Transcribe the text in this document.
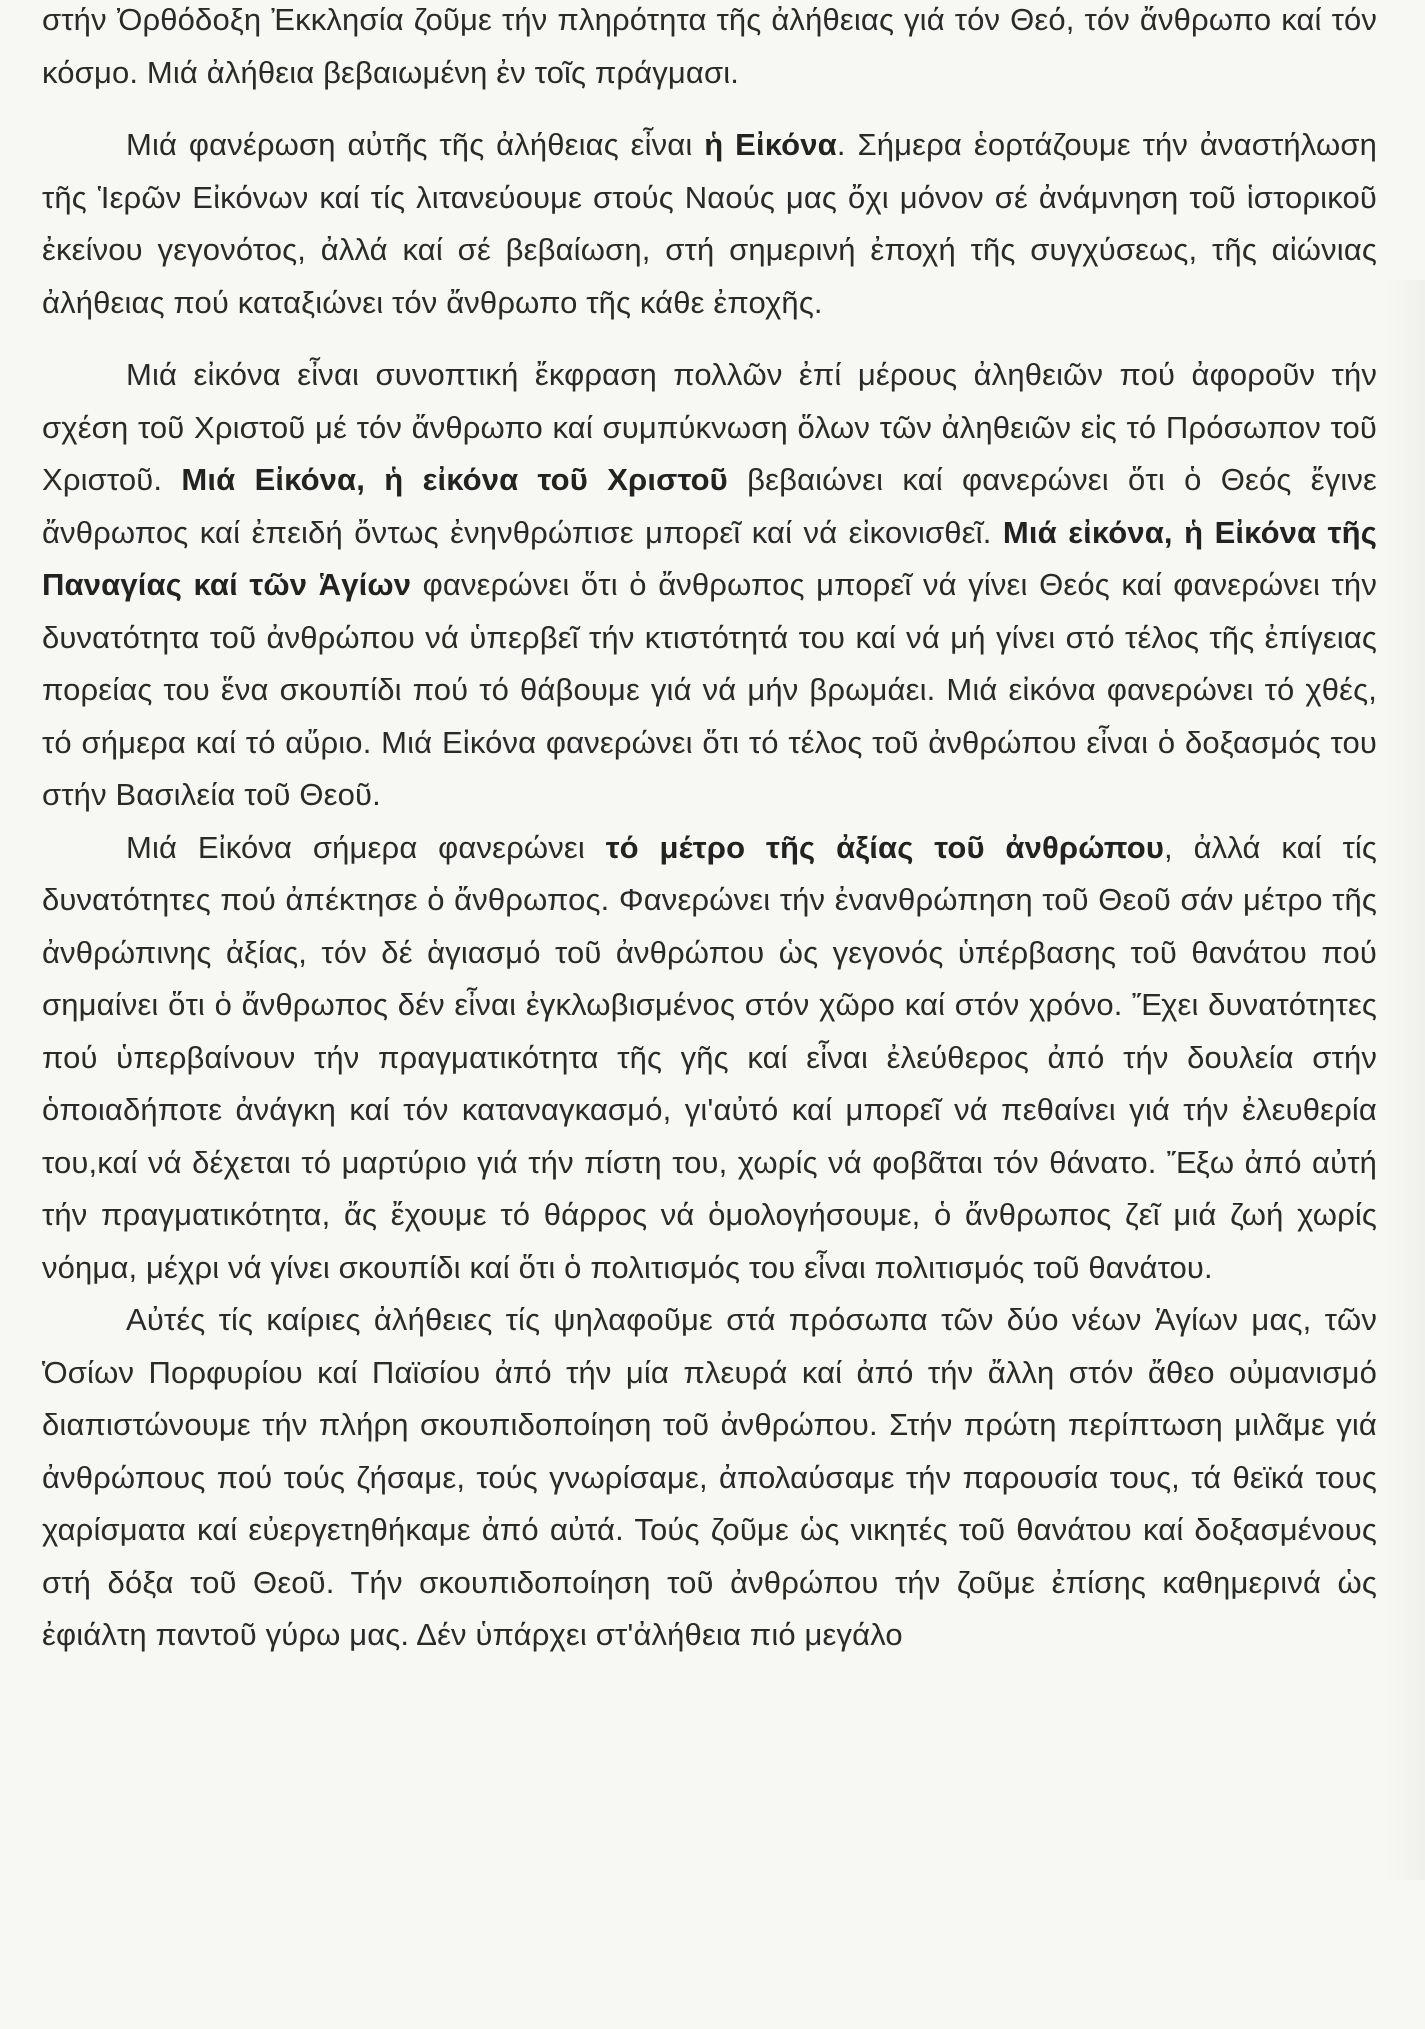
στήν Ὀρθόδοξη Ἐκκλησία ζοῦμε τήν πληρότητα τῆς ἀλήθειας γιά τόν Θεό, τόν ἄνθρωπο καί τόν κόσμο. Μιά ἀλήθεια βεβαιωμένη ἐν τοῖς πράγμασι.

Μιά φανέρωση αὐτῆς τῆς ἀλήθειας εἶναι ἡ Εἰκόνα. Σήμερα ἑορτάζουμε τήν ἀναστήλωση τῆς Ἱερῶν Εἰκόνων καί τίς λιτανεύουμε στούς Ναούς μας ὄχι μόνον σέ ἀνάμνηση τοῦ ἱστορικοῦ ἐκείνου γεγονότος, ἀλλά καί σέ βεβαίωση, στή σημερινή ἐποχή τῆς συγχύσεως, τῆς αἰώνιας ἀλήθειας πού καταξιώνει τόν ἄνθρωπο τῆς κάθε ἐποχῆς.

Μιά εἰκόνα εἶναι συνοπτική ἔκφραση πολλῶν ἐπί μέρους ἀληθειῶν πού ἀφοροῦν τήν σχέση τοῦ Χριστοῦ μέ τόν ἄνθρωπο καί συμπύκνωση ὅλων τῶν ἀληθειῶν εἰς τό Πρόσωπον τοῦ Χριστοῦ. Μιά Εἰκόνα, ἡ εἰκόνα τοῦ Χριστοῦ βεβαιώνει καί φανερώνει ὅτι ὁ Θεός ἔγινε ἄνθρωπος καί ἐπειδή ὄντως ἐνηνθρώπισε μπορεῖ καί νά εἰκονισθεῖ. Μιά εἰκόνα, ἡ Εἰκόνα τῆς Παναγίας καί τῶν Ἁγίων φανερώνει ὅτι ὁ ἄνθρωπος μπορεῖ νά γίνει Θεός καί φανερώνει τήν δυνατότητα τοῦ ἀνθρώπου νά ὑπερβεῖ τήν κτιστότητά του καί νά μή γίνει στό τέλος τῆς ἐπίγειας πορείας του ἕνα σκουπίδι πού τό θάβουμε γιά νά μήν βρωμάει. Μιά εἰκόνα φανερώνει τό χθές, τό σήμερα καί τό αὔριο. Μιά Εἰκόνα φανερώνει ὅτι τό τέλος τοῦ ἀνθρώπου εἶναι ὁ δοξασμός του στήν Βασιλεία τοῦ Θεοῦ.

Μιά Εἰκόνα σήμερα φανερώνει τό μέτρο τῆς ἀξίας τοῦ ἀνθρώπου, ἀλλά καί τίς δυνατότητες πού ἀπέκτησε ὁ ἄνθρωπος. Φανερώνει τήν ἐνανθρώπηση τοῦ Θεοῦ σάν μέτρο τῆς ἀνθρώπινης ἀξίας, τόν δέ ἁγιασμό τοῦ ἀνθρώπου ὡς γεγονός ὑπέρβασης τοῦ θανάτου πού σημαίνει ὅτι ὁ ἄνθρωπος δέν εἶναι ἐγκλωβισμένος στόν χῶρο καί στόν χρόνο. Ἔχει δυνατότητες πού ὑπερβαίνουν τήν πραγματικότητα τῆς γῆς καί εἶναι ἐλεύθερος ἀπό τήν δουλεία στήν ὁποιαδήποτε ἀνάγκη καί τόν καταναγκασμό, γι'αὐτό καί μπορεῖ νά πεθαίνει γιά τήν ἐλευθερία του,καί νά δέχεται τό μαρτύριο γιά τήν πίστη του, χωρίς νά φοβᾶται τόν θάνατο. Ἔξω ἀπό αὐτή τήν πραγματικότητα, ἄς ἔχουμε τό θάρρος νά ὁμολογήσουμε, ὁ ἄνθρωπος ζεῖ μιά ζωή χωρίς νόημα, μέχρι νά γίνει σκουπίδι καί ὅτι ὁ πολιτισμός του εἶναι πολιτισμός τοῦ θανάτου.

Αὐτές τίς καίριες ἀλήθειες τίς ψηλαφοῦμε στά πρόσωπα τῶν δύο νέων Ἁγίων μας, τῶν Ὁσίων Πορφυρίου καί Παϊσίου ἀπό τήν μία πλευρά καί ἀπό τήν ἄλλη στόν ἄθεο οὐμανισμό διαπιστώνουμε τήν πλήρη σκουπιδοποίηση τοῦ ἀνθρώπου. Στήν πρώτη περίπτωση μιλᾶμε γιά ἀνθρώπους πού τούς ζήσαμε, τούς γνωρίσαμε, ἀπολαύσαμε τήν παρουσία τους, τά θεϊκά τους χαρίσματα καί εὐεργετηθήκαμε ἀπό αὐτά. Τούς ζοῦμε ὡς νικητές τοῦ θανάτου καί δοξασμένους στή δόξα τοῦ Θεοῦ. Τήν σκουπιδοποίηση τοῦ ἀνθρώπου τήν ζοῦμε ἐπίσης καθημερινά ὡς ἐφιάλτη παντοῦ γύρω μας. Δέν ὑπάρχει στ'ἀλήθεια πιό μεγάλο
